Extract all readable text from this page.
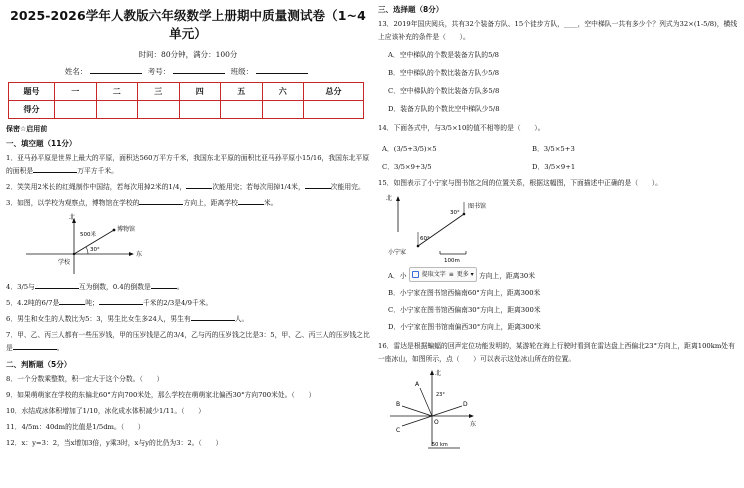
2025-2026学年人教版六年级数学上册期中质量测试卷（1~4单元）
时间：80分钟，满分：100分
姓名：	考号：	班级：
题号	一	二	三	四	五	六	总分
得分							
保密☆启用前
一、填空题（11分）
1．亚马孙平原是世界上最大的平原，面积达560万平方千米，我国东北平原的面积比亚马孙平原小15/16，我国东北平原的面积是	万平方千米。
2．笑笑用2米长的红绳制作中国结，若每次用掉2米的1/4，	次能用完；若每次用掉1/4米，	次能用完。
3．如图，以学校为观察点，博物馆在学校的	方向上，距离学校	米。
北
东
博物馆
500米
30°
学校
4．3/5与	互为倒数，0.4的倒数是	。
5．4.2吨的6/7是	吨；	千米的2/3是4/9千米。
6．男生和女生的人数比为5：3，男生比女生多24人，男生有	人。
7．甲、乙、丙三人都有一些压岁钱，甲的压岁钱是乙的3/4，乙与丙的压岁钱之比是3：5，甲、乙、丙三人的压岁钱之比是	。
二、判断题（5分）
8．一个分数乘整数，积一定大于这个分数。（　　）
9．如果萌萌家在学校的东偏北60°方向700米处，那么学校在萌萌家北偏西30°方向700米处。（　　）
10．水结成冰体积增加了1/10，冰化成水体积减少1/11。（　　）
11．4/5m：40dm的比值是1/5dm。（　　）
12．x：y=3：2，当x增加3倍，y乘3时，x与y的比仍为3：2。（　　）
三、选择题（8分）
13．2019年国庆阅兵，共有32个装备方队、15个徒步方队，____，空中梯队一共有多少个？列式为32×(1-5/8)，横线上应该补充的条件是（　　）。
A．空中梯队的个数是装备方队的5/8
B．空中梯队的个数比装备方队少5/8
C．空中梯队的个数比装备方队多5/8
D．装备方队的个数比空中梯队少5/8
14．下面各式中，与3/5×10的值不相等的是（　　）。
A．(3/5+3/5)×5	B．3/5×5+3
C．3/5×9+3/5	D．3/5×9+1
15．如图表示了小宁家与图书馆之间的位置关系，根据这幅图，下面描述中正确的是（　　）。
北
图书馆
30°
60°
小宁家
100m
A．小	提取文字 ≡ 更多 ▾ 方向上，距离30米
B．小宁家在图书馆西偏南60°方向上，距离300米
C．小宁家在图书馆西偏南30°方向上，距离300米
D．小宁家在图书馆南偏西30°方向上，距离300米
16．雷达是根据蝙蝠的回声定位功能发明的，某游轮在海上行驶时看到在雷达盘上西偏北23°方向上，距离100km处有一座冰山，如图所示，点（　　）可以表示这处冰山所在的位置。
北
东
A
B
C
D
O
23°
50 km
